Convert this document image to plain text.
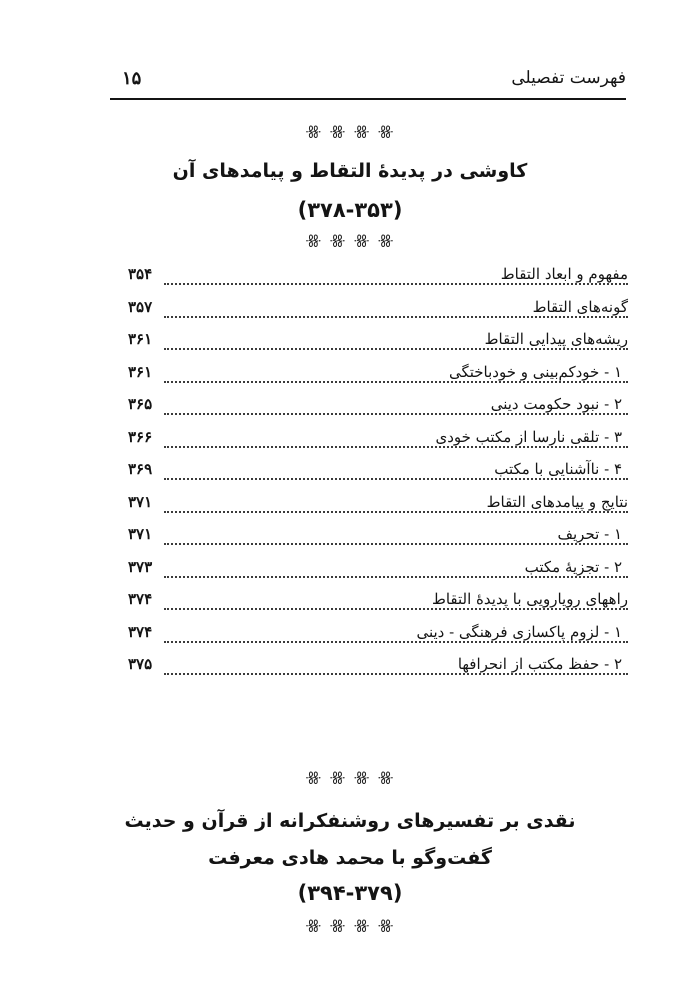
فهرست تفصیلی
۱۵
ꗥ ꗥ ꗥ ꗥ
کاوشی در پدیدهٔ التقاط و پیامدهای آن
(۳۷۸-۳۵۳)
ꗥ ꗥ ꗥ ꗥ
مفهوم و ابعاد التقاط
۳۵۴
گونه‌های التقاط
۳۵۷
ریشه‌های پیدایی التقاط
۳۶۱
۱ - خودکم‌بینی و خودباختگی
۳۶۱
۲ - نبود حکومت دینی
۳۶۵
۳ - تلقی نارسا از مکتب خودی
۳۶۶
۴ - ناآشنایی با مکتب
۳۶۹
نتایج و پیامدهای التقاط
۳۷۱
۱ - تحریف
۳۷۱
۲ - تجزیهٔ مکتب
۳۷۳
راههای رویارویی با پدیدهٔ التقاط
۳۷۴
۱ - لزوم پاکسازی فرهنگی - دینی
۳۷۴
۲ - حفظ مکتب از انحرافها
۳۷۵
ꗥ ꗥ ꗥ ꗥ
نقدی بر تفسیرهای روشنفکرانه از قرآن و حدیث
گفت‌وگو با محمد هادی معرفت
(۳۹۴-۳۷۹)
ꗥ ꗥ ꗥ ꗥ
